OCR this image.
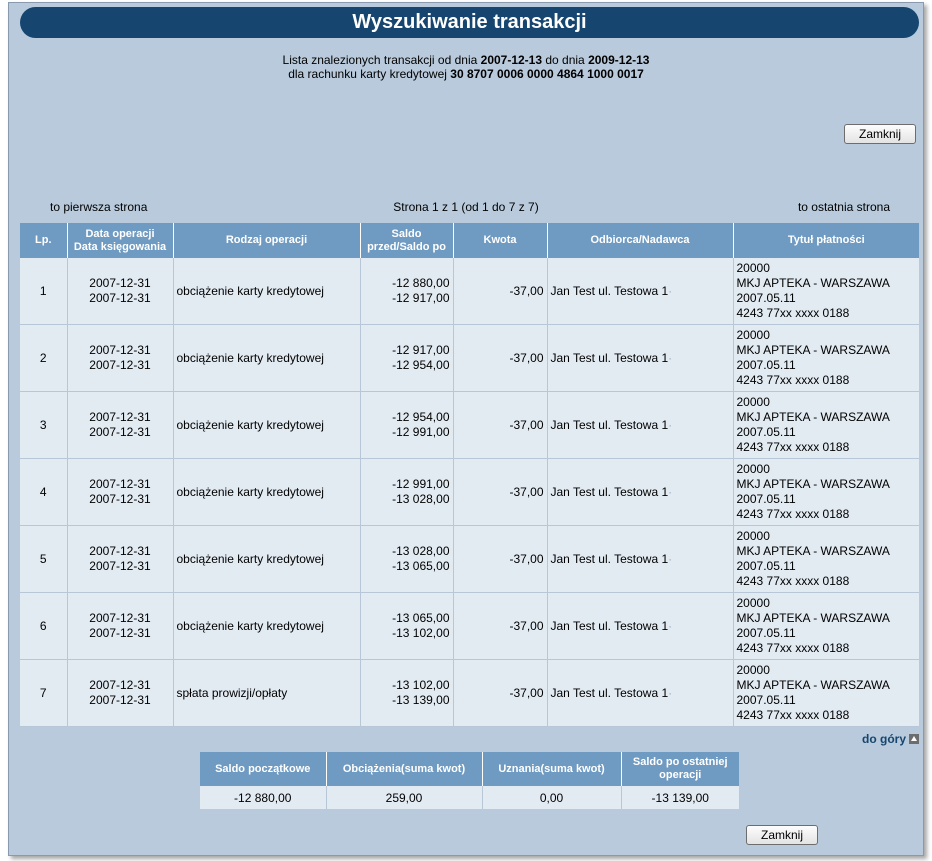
Wyszukiwanie transakcji
Lista znalezionych transakcji od dnia 2007-12-13 do dnia 2009-12-13
dla rachunku karty kredytowej 30 8707 0006 0000 4864 1000 0017
Zamknij
Strona 1 z 1 (od 1 do 7 z 7)
to pierwsza strona	to ostatnia strona
Lp.	Data operacji
Data księgowania	Rodzaj operacji	Saldo
przed/Saldo po	Kwota	Odbiorca/Nadawca	Tytuł płatności
1	2007-12-31
2007-12-31	obciążenie karty kredytowej	-12 880,00
-12 917,00	-37,00	Jan Test ul. Testowa 1·	20000
MKJ APTEKA - WARSZAWA
2007.05.11
4243 77xx xxxx 0188
2	2007-12-31
2007-12-31	obciążenie karty kredytowej	-12 917,00
-12 954,00	-37,00	Jan Test ul. Testowa 1·	20000
MKJ APTEKA - WARSZAWA
2007.05.11
4243 77xx xxxx 0188
3	2007-12-31
2007-12-31	obciążenie karty kredytowej	-12 954,00
-12 991,00	-37,00	Jan Test ul. Testowa 1·	20000
MKJ APTEKA - WARSZAWA
2007.05.11
4243 77xx xxxx 0188
4	2007-12-31
2007-12-31	obciążenie karty kredytowej	-12 991,00
-13 028,00	-37,00	Jan Test ul. Testowa 1·	20000
MKJ APTEKA - WARSZAWA
2007.05.11
4243 77xx xxxx 0188
5	2007-12-31
2007-12-31	obciążenie karty kredytowej	-13 028,00
-13 065,00	-37,00	Jan Test ul. Testowa 1·	20000
MKJ APTEKA - WARSZAWA
2007.05.11
4243 77xx xxxx 0188
6	2007-12-31
2007-12-31	obciążenie karty kredytowej	-13 065,00
-13 102,00	-37,00	Jan Test ul. Testowa 1·	20000
MKJ APTEKA - WARSZAWA
2007.05.11
4243 77xx xxxx 0188
7	2007-12-31
2007-12-31	spłata prowizji/opłaty	-13 102,00
-13 139,00	-37,00	Jan Test ul. Testowa 1·	20000
MKJ APTEKA - WARSZAWA
2007.05.11
4243 77xx xxxx 0188
do góry
Saldo początkowe	Obciążenia(suma kwot)	Uznania(suma kwot)	Saldo po ostatniej
operacji
-12 880,00	259,00	0,00	-13 139,00
Zamknij
